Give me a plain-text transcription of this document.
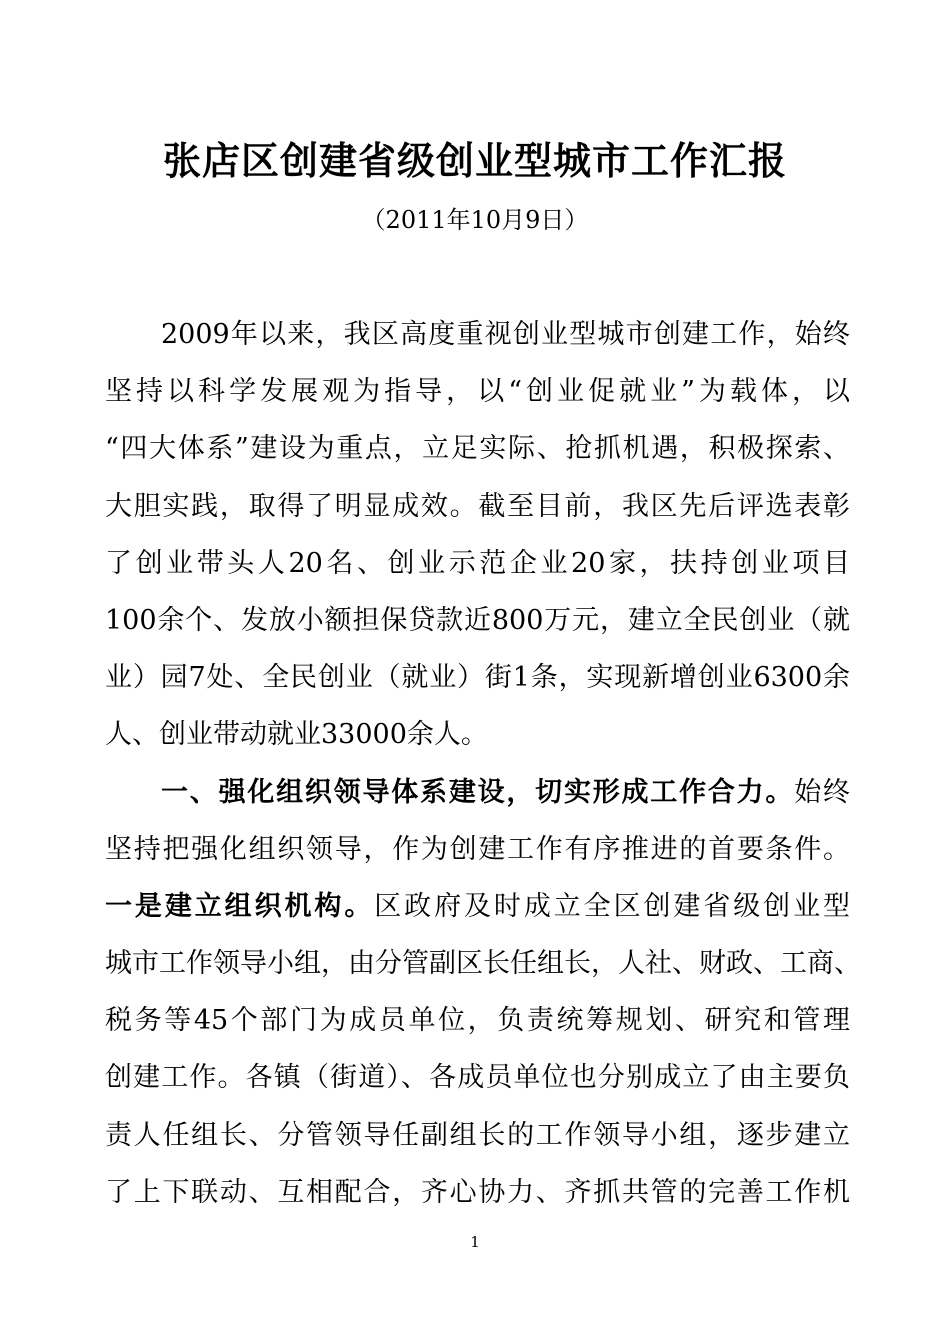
张店区创建省级创业型城市工作汇报
（2011年10月9日）
2009年以来，我区高度重视创业型城市创建工作，始终
坚持以科学发展观为指导，以“创业促就业”为载体，以
“四大体系”建设为重点，立足实际、抢抓机遇，积极探索、
大胆实践，取得了明显成效。截至目前，我区先后评选表彰
了创业带头人20名、创业示范企业20家，扶持创业项目
100余个、发放小额担保贷款近800万元，建立全民创业（就
业）园7处、全民创业（就业）街1条，实现新增创业6300余
人、创业带动就业33000余人。
一、强化组织领导体系建设，切实形成工作合力。始终
坚持把强化组织领导，作为创建工作有序推进的首要条件。
一是建立组织机构。区政府及时成立全区创建省级创业型
城市工作领导小组，由分管副区长任组长，人社、财政、工商、
税务等45个部门为成员单位，负责统筹规划、研究和管理
创建工作。各镇（街道）、各成员单位也分别成立了由主要负
责人任组长、分管领导任副组长的工作领导小组，逐步建立
了上下联动、互相配合，齐心协力、齐抓共管的完善工作机
1
